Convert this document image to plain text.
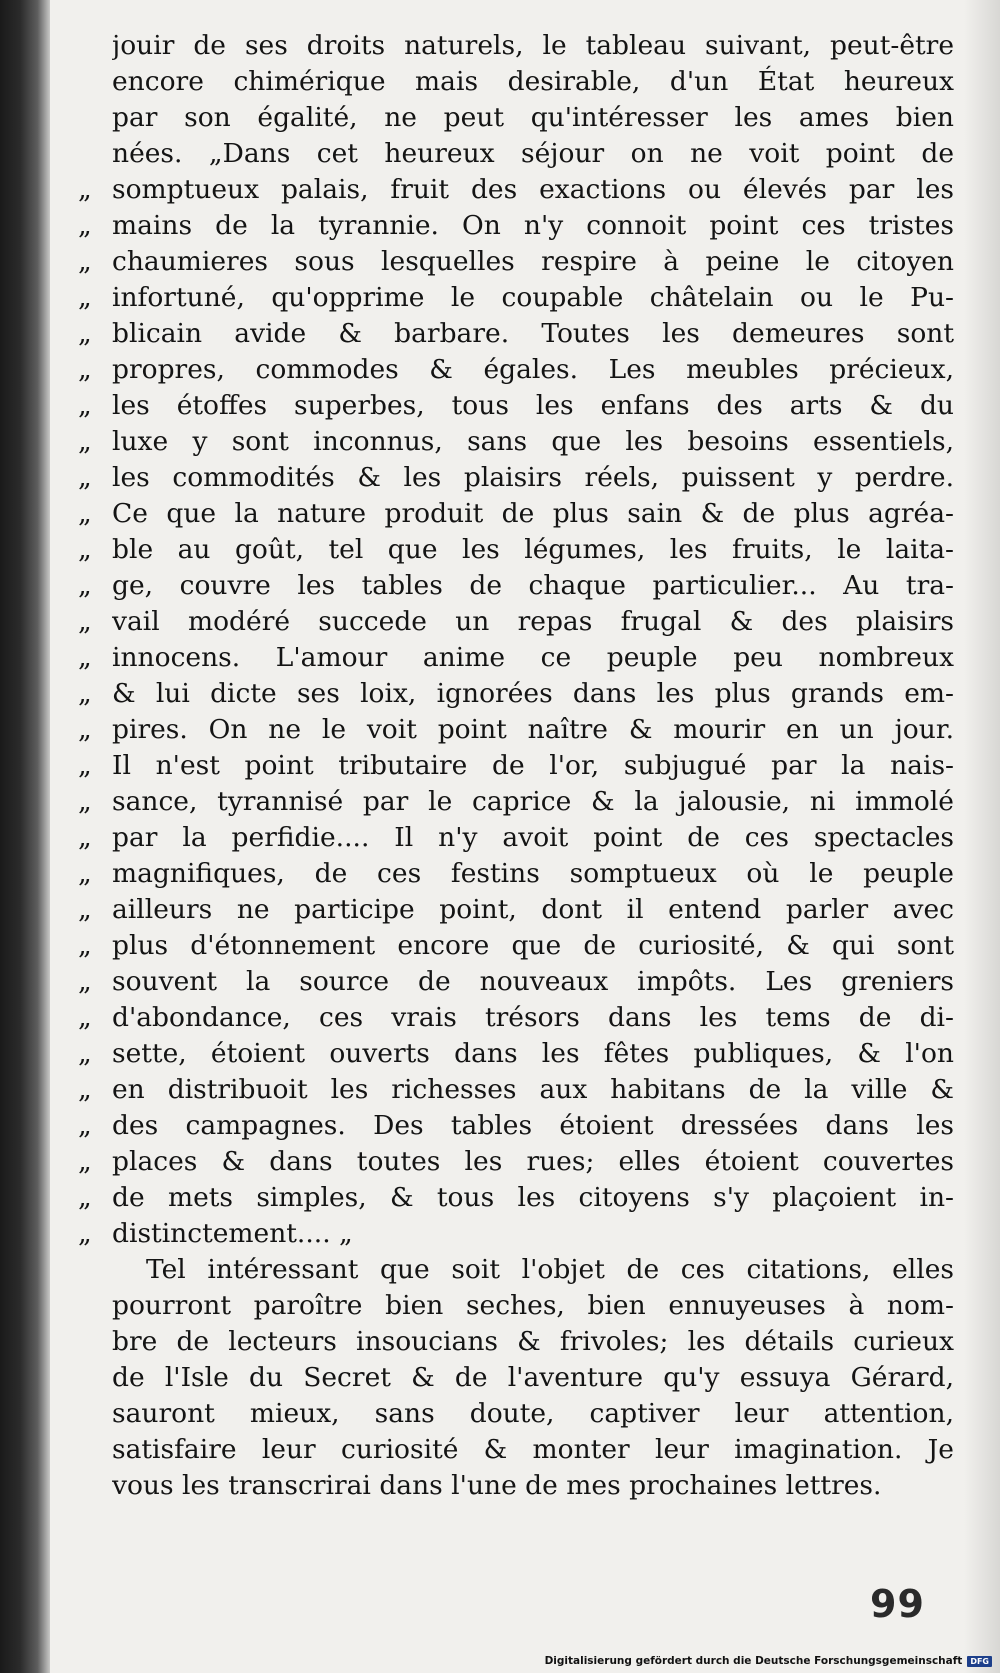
jouir de ses droits naturels, le tableau suivant, peut-être
encore chimérique mais desirable, d'un État heureux
par son égalité, ne peut qu'intéresser les ames bien
nées. „Dans cet heureux séjour on ne voit point de
„ somptueux palais, fruit des exactions ou élevés par les
„ mains de la tyrannie. On n'y connoit point ces tristes
„ chaumieres sous lesquelles respire à peine le citoyen
„ infortuné, qu'opprime le coupable châtelain ou le Pu-
„ blicain avide & barbare. Toutes les demeures sont
„ propres, commodes & égales. Les meubles précieux,
„ les étoffes superbes, tous les enfans des arts & du
„ luxe y sont inconnus, sans que les besoins essentiels,
„ les commodités & les plaisirs réels, puissent y perdre.
„ Ce que la nature produit de plus sain & de plus agréa-
„ ble au goût, tel que les légumes, les fruits, le laita-
„ ge, couvre les tables de chaque particulier... Au tra-
„ vail modéré succede un repas frugal & des plaisirs
„ innocens. L'amour anime ce peuple peu nombreux
„ & lui dicte ses loix, ignorées dans les plus grands em-
„ pires. On ne le voit point naître & mourir en un jour.
„ Il n'est point tributaire de l'or, subjugué par la nais-
„ sance, tyrannisé par le caprice & la jalousie, ni immolé
„ par la perfidie.... Il n'y avoit point de ces spectacles
„ magnifiques, de ces festins somptueux où le peuple
„ ailleurs ne participe point, dont il entend parler avec
„ plus d'étonnement encore que de curiosité, & qui sont
„ souvent la source de nouveaux impôts. Les greniers
„ d'abondance, ces vrais trésors dans les tems de di-
„ sette, étoient ouverts dans les fêtes publiques, & l'on
„ en distribuoit les richesses aux habitans de la ville &
„ des campagnes. Des tables étoient dressées dans les
„ places & dans toutes les rues; elles étoient couvertes
„ de mets simples, & tous les citoyens s'y plaçoient in-
„ distinctement.... „
Tel intéressant que soit l'objet de ces citations, elles
pourront paroître bien seches, bien ennuyeuses à nom-
bre de lecteurs insoucians & frivoles; les détails curieux
de l'Isle du Secret & de l'aventure qu'y essuya Gérard,
sauront mieux, sans doute, captiver leur attention,
satisfaire leur curiosité & monter leur imagination. Je
vous les transcrirai dans l'une de mes prochaines lettres.
99
Digitalisierung gefördert durch die Deutsche Forschungsgemeinschaft	DFG
